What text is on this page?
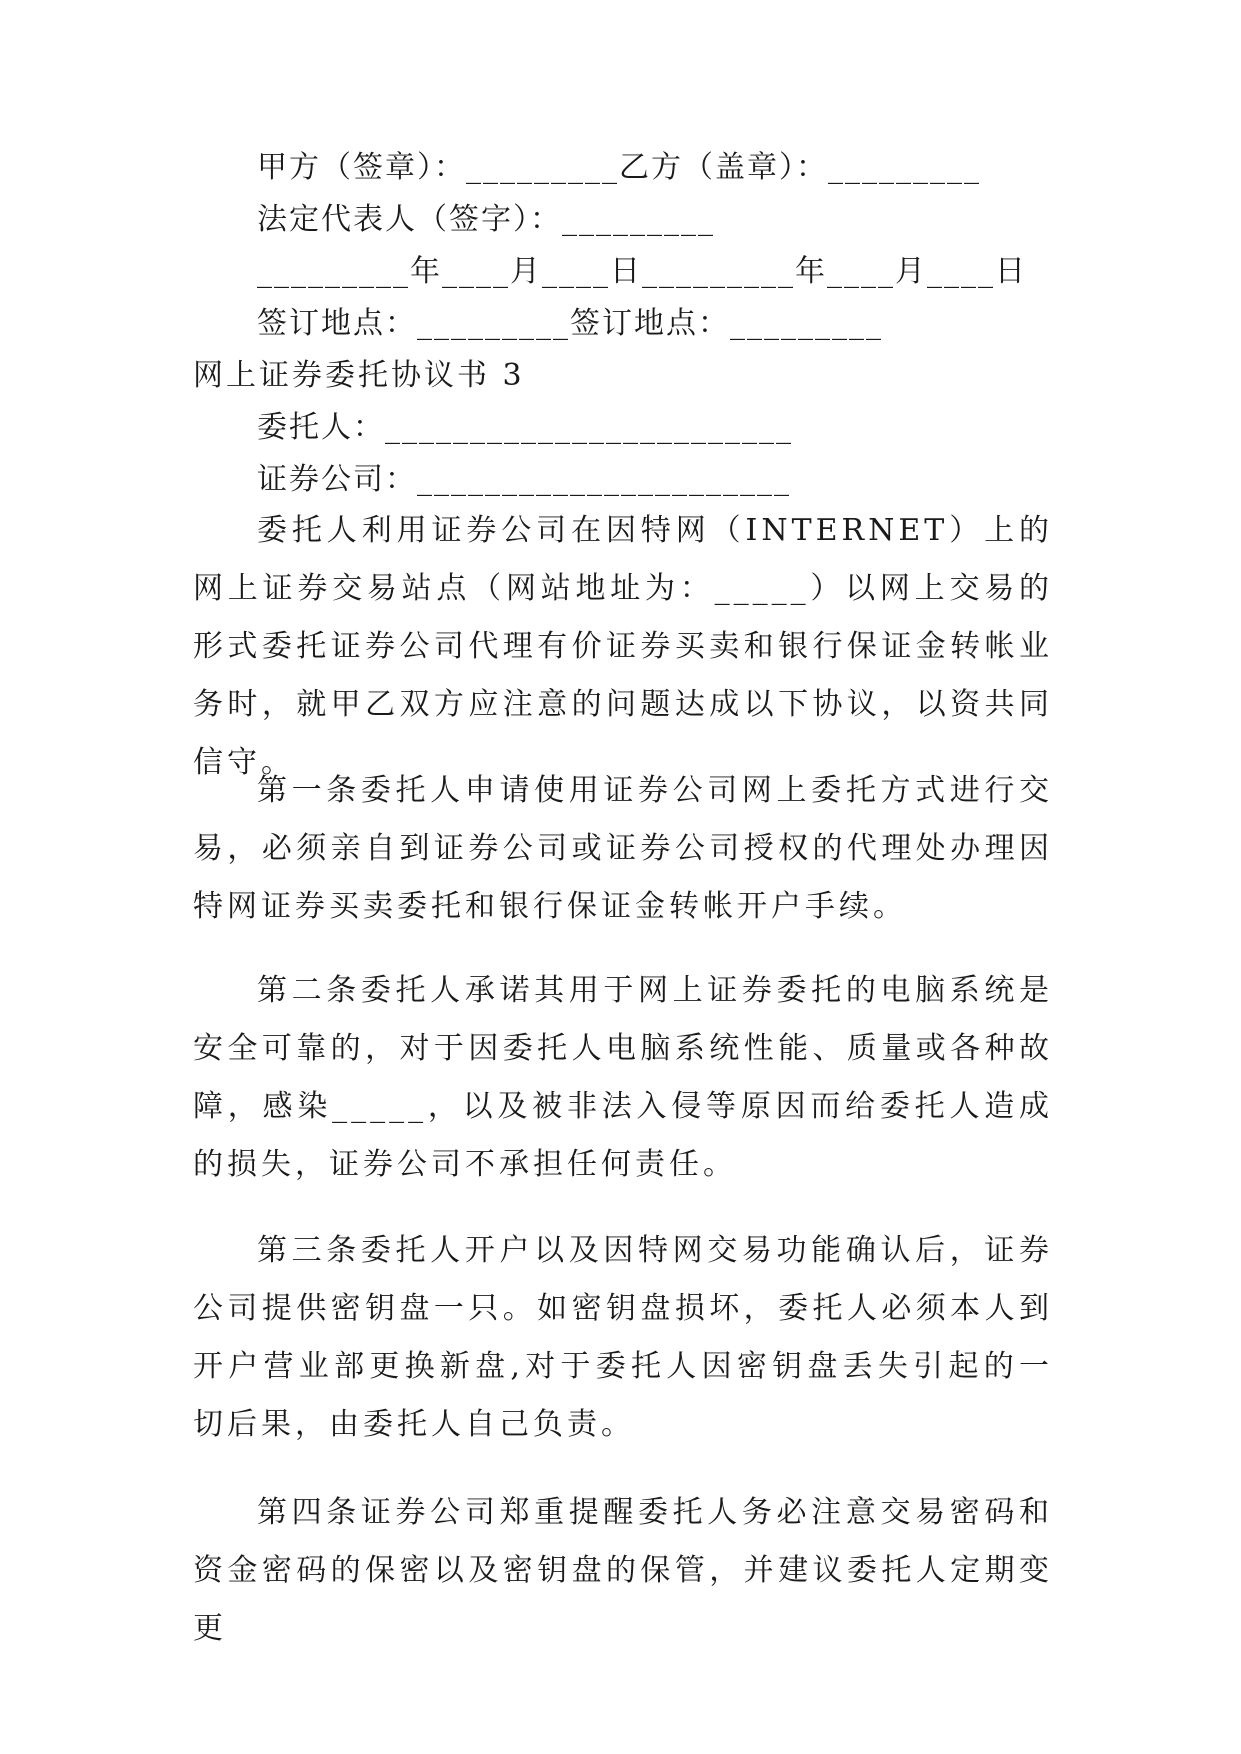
甲方（签章）：_________乙方（盖章）：_________
法定代表人（签字）：_________
_________年____月____日_________年____月____日
签订地点：_________签订地点：_________
网上证券委托协议书 3
委托人：________________________
证券公司：______________________
委托人利用证券公司在因特网（INTERNET）上的网上证券交易站点（网站地址为：_____）以网上交易的形式委托证券公司代理有价证券买卖和银行保证金转帐业务时，就甲乙双方应注意的问题达成以下协议，以资共同信守。
第一条委托人申请使用证券公司网上委托方式进行交易，必须亲自到证券公司或证券公司授权的代理处办理因特网证券买卖委托和银行保证金转帐开户手续。
第二条委托人承诺其用于网上证券委托的电脑系统是安全可靠的，对于因委托人电脑系统性能、质量或各种故障，感染_____，以及被非法入侵等原因而给委托人造成的损失，证券公司不承担任何责任。
第三条委托人开户以及因特网交易功能确认后，证券公司提供密钥盘一只。如密钥盘损坏，委托人必须本人到开户营业部更换新盘,对于委托人因密钥盘丢失引起的一切后果，由委托人自己负责。
第四条证券公司郑重提醒委托人务必注意交易密码和资金密码的保密以及密钥盘的保管，并建议委托人定期变更
